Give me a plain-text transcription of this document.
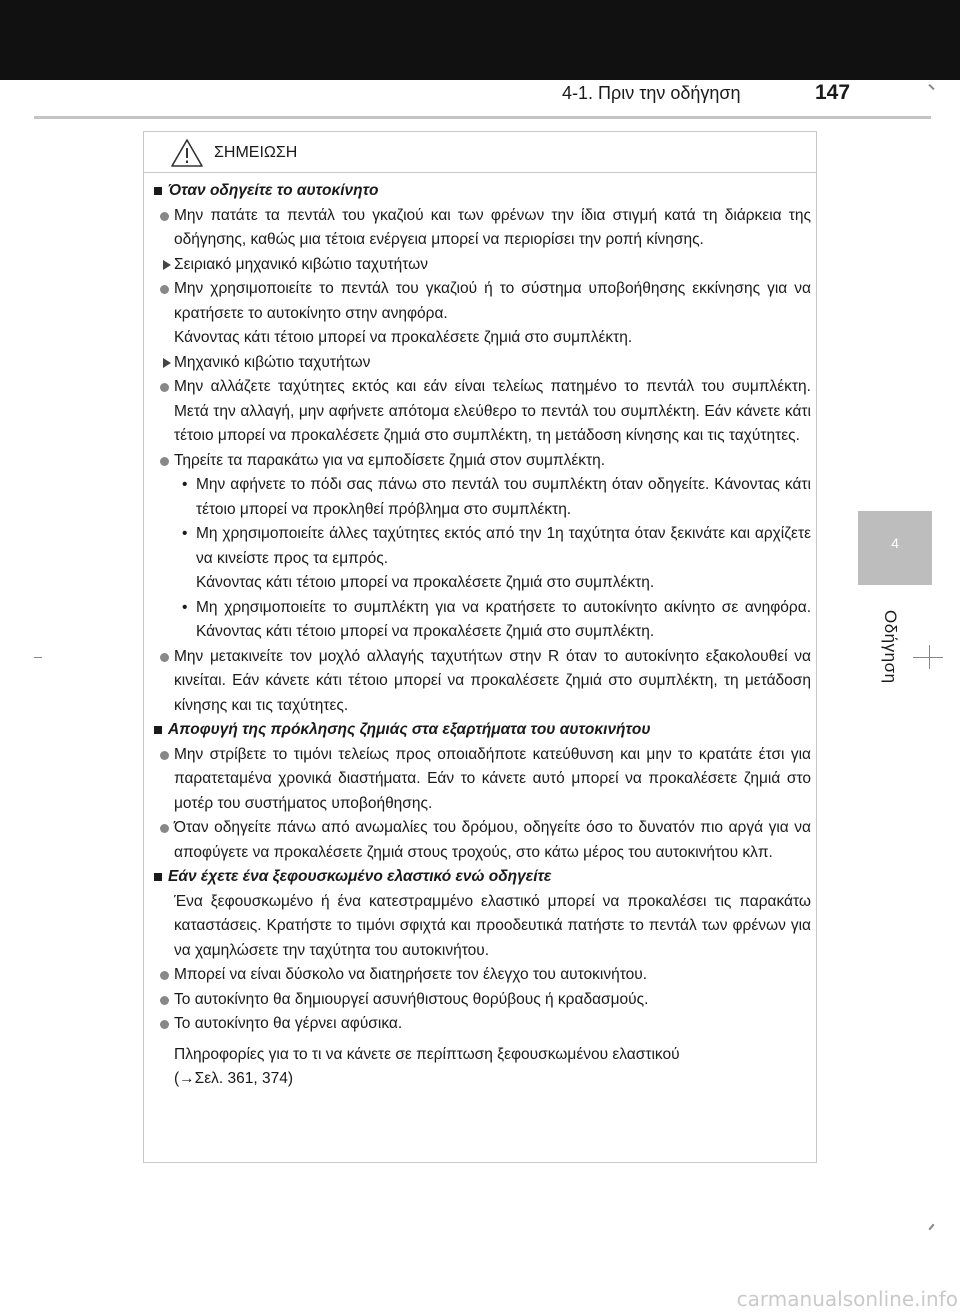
4-1. Πριν την οδήγηση	147
4
Οδήγηση
ΣΗΜΕΙΩΣΗ

Όταν οδηγείτε το αυτοκίνητο

Μην πατάτε τα πεντάλ του γκαζιού και των φρένων την ίδια στιγμή κατά τη διάρκεια της οδήγησης, καθώς μια τέτοια ενέργεια μπορεί να περιορίσει την ροπή κίνησης.

Σειριακό μηχανικό κιβώτιο ταχυτήτων

Μην χρησιμοποιείτε το πεντάλ του γκαζιού ή το σύστημα υποβοήθησης εκκίνησης για να κρατήσετε το αυτοκίνητο στην ανηφόρα.
Κάνοντας κάτι τέτοιο μπορεί να προκαλέσετε ζημιά στο συμπλέκτη.

Μηχανικό κιβώτιο ταχυτήτων

Μην αλλάζετε ταχύτητες εκτός και εάν είναι τελείως πατημένο το πεντάλ του συμπλέκτη. Μετά την αλλαγή, μην αφήνετε απότομα ελεύθερο το πεντάλ του συμπλέκτη. Εάν κάνετε κάτι τέτοιο μπορεί να προκαλέσετε ζημιά στο συμπλέκτη, τη μετάδοση κίνησης και τις ταχύτητες.

Τηρείτε τα παρακάτω για να εμποδίσετε ζημιά στον συμπλέκτη.

• Μην αφήνετε το πόδι σας πάνω στο πεντάλ του συμπλέκτη όταν οδηγείτε. Κάνοντας κάτι τέτοιο μπορεί να προκληθεί πρόβλημα στο συμπλέκτη.

• Μη χρησιμοποιείτε άλλες ταχύτητες εκτός από την 1η ταχύτητα όταν ξεκινάτε και αρχίζετε να κινείστε προς τα εμπρός.
Κάνοντας κάτι τέτοιο μπορεί να προκαλέσετε ζημιά στο συμπλέκτη.

• Μη χρησιμοποιείτε το συμπλέκτη για να κρατήσετε το αυτοκίνητο ακίνητο σε ανηφόρα. Κάνοντας κάτι τέτοιο μπορεί να προκαλέσετε ζημιά στο συμπλέκτη.

Μην μετακινείτε τον μοχλό αλλαγής ταχυτήτων στην R όταν το αυτοκίνητο εξακολουθεί να κινείται. Εάν κάνετε κάτι τέτοιο μπορεί να προκαλέσετε ζημιά στο συμπλέκτη, τη μετάδοση κίνησης και τις ταχύτητες.

Αποφυγή της πρόκλησης ζημιάς στα εξαρτήματα του αυτοκινήτου

Μην στρίβετε το τιμόνι τελείως προς οποιαδήποτε κατεύθυνση και μην το κρατάτε έτσι για παρατεταμένα χρονικά διαστήματα. Εάν το κάνετε αυτό μπορεί να προκαλέσετε ζημιά στο μοτέρ του συστήματος υποβοήθησης.

Όταν οδηγείτε πάνω από ανωμαλίες του δρόμου, οδηγείτε όσο το δυνατόν πιο αργά για να αποφύγετε να προκαλέσετε ζημιά στους τροχούς, στο κάτω μέρος του αυτοκινήτου κλπ.

Εάν έχετε ένα ξεφουσκωμένο ελαστικό ενώ οδηγείτε

Ένα ξεφουσκωμένο ή ένα κατεστραμμένο ελαστικό μπορεί να προκαλέσει τις παρακάτω καταστάσεις. Κρατήστε το τιμόνι σφιχτά και προοδευτικά πατήστε το πεντάλ των φρένων για να χαμηλώσετε την ταχύτητα του αυτοκινήτου.

Μπορεί να είναι δύσκολο να διατηρήσετε τον έλεγχο του αυτοκινήτου.

Το αυτοκίνητο θα δημιουργεί ασυνήθιστους θορύβους ή κραδασμούς.

Το αυτοκίνητο θα γέρνει αφύσικα.

Πληροφορίες για το τι να κάνετε σε περίπτωση ξεφουσκωμένου ελαστικού
(→Σελ. 361, 374)

carmanualsonline.info
